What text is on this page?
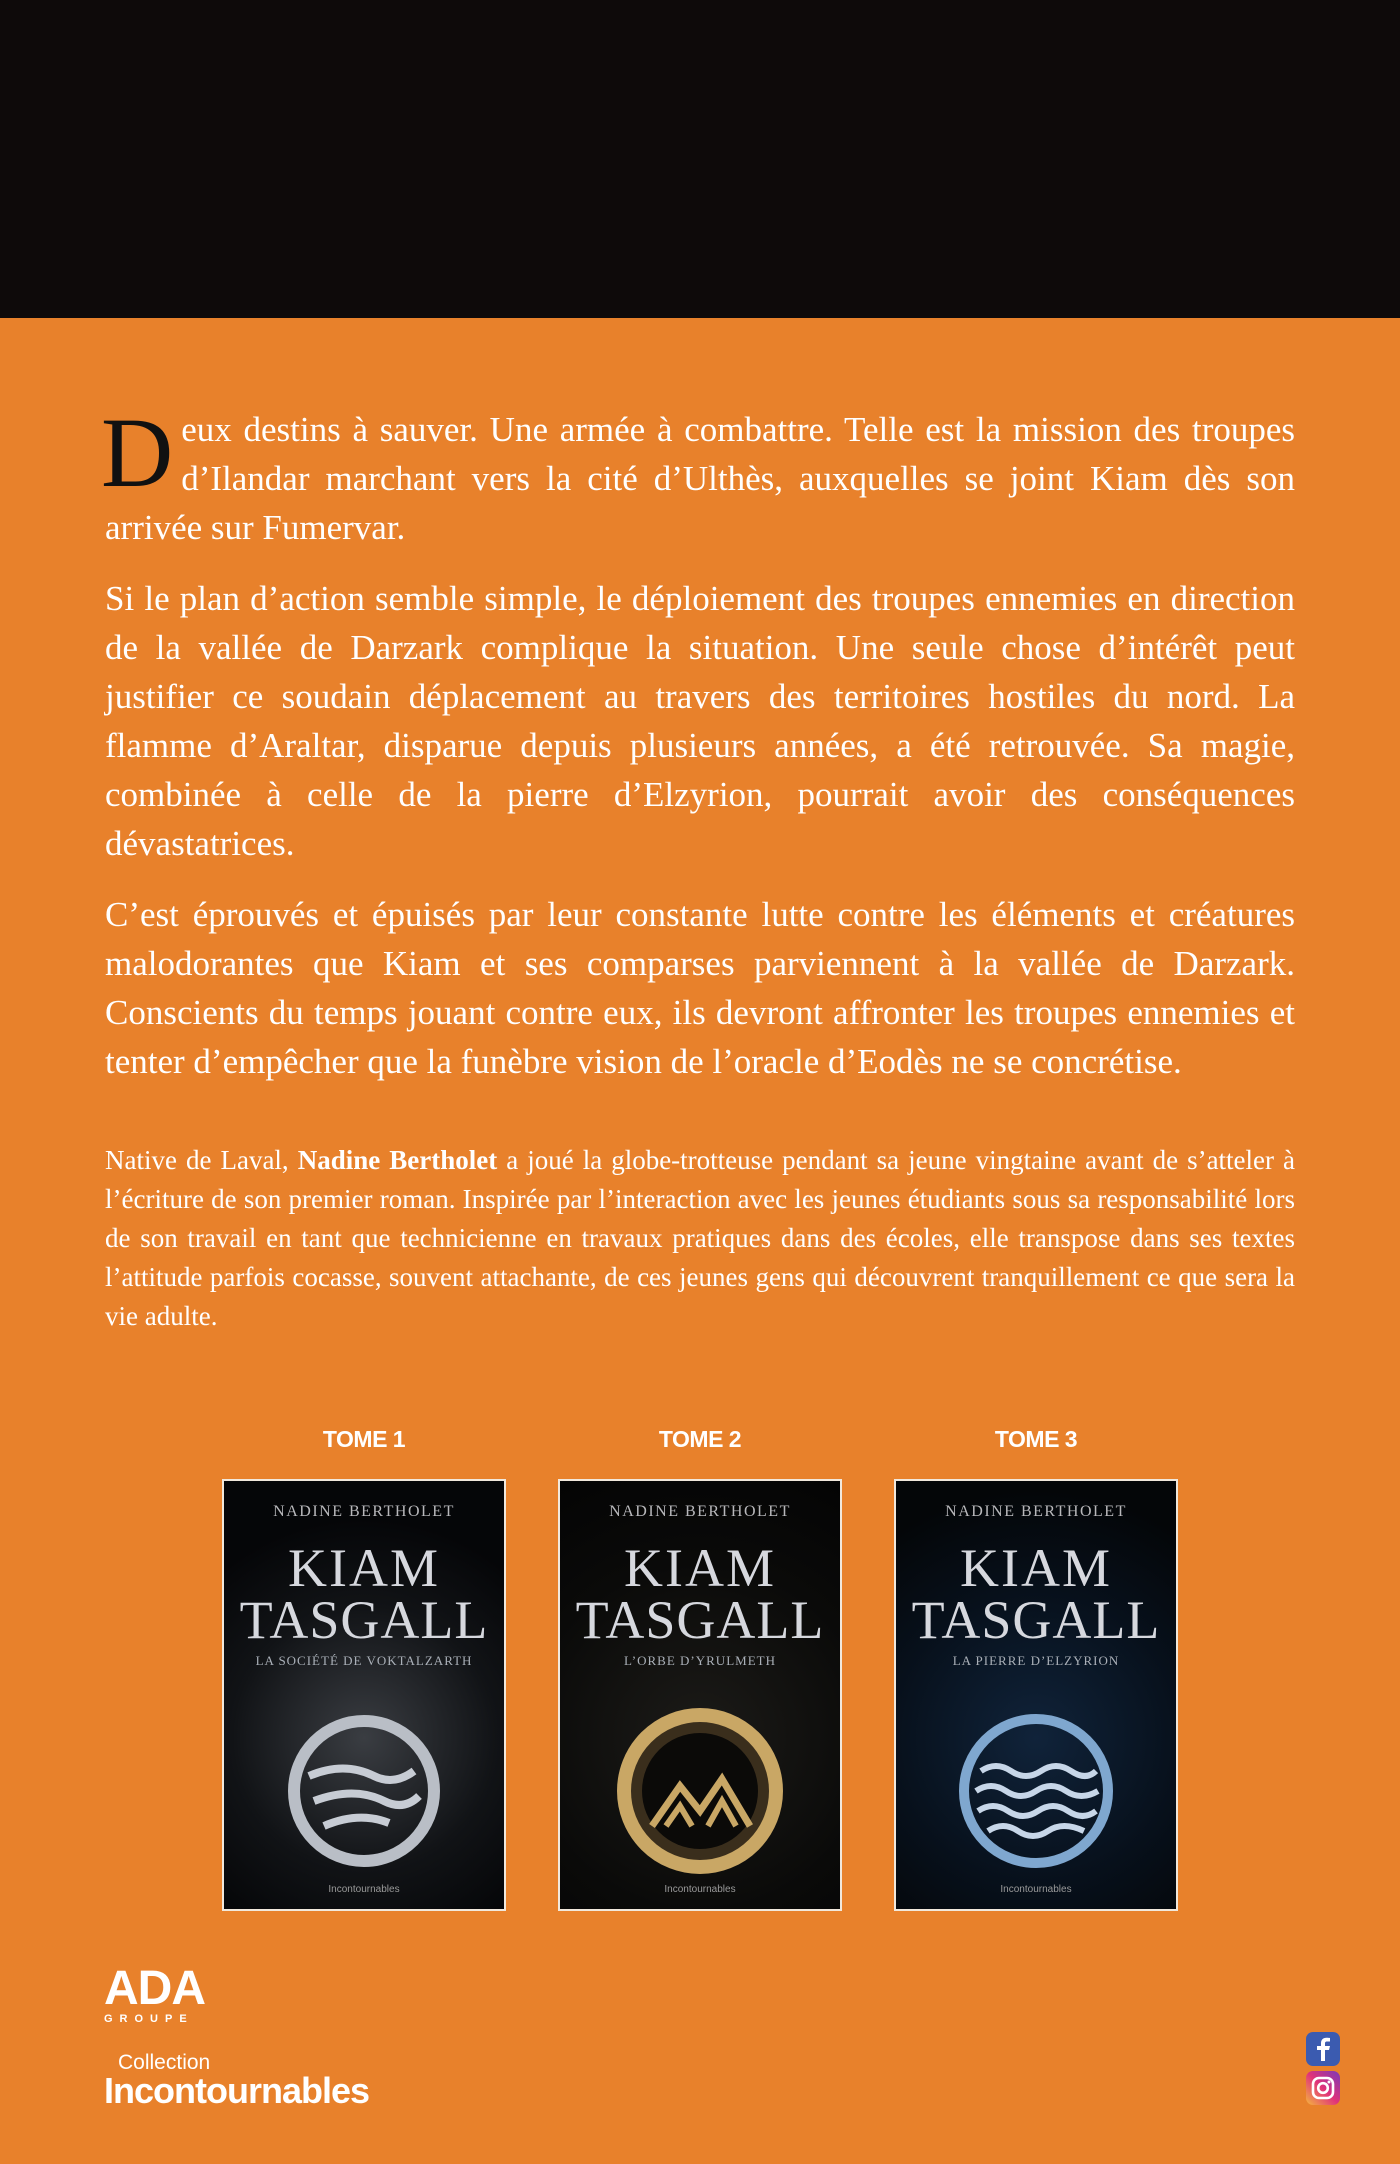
Deux destins à sauver. Une armée à combattre. Telle est la mission des troupes d’Ilandar marchant vers la cité d’Ulthès, auxquelles se joint Kiam dès son arrivée sur Fumervar.

Si le plan d’action semble simple, le déploiement des troupes ennemies en direction de la vallée de Darzark complique la situation. Une seule chose d’intérêt peut justifier ce soudain déplacement au travers des territoires hostiles du nord. La flamme d’Araltar, disparue depuis plusieurs années, a été retrouvée. Sa magie, combinée à celle de la pierre d’Elzyrion, pourrait avoir des conséquences dévastatrices.

C’est éprouvés et épuisés par leur constante lutte contre les éléments et créatures malodorantes que Kiam et ses comparses parviennent à la vallée de Darzark. Conscients du temps jouant contre eux, ils devront affronter les troupes ennemies et tenter d’empêcher que la funèbre vision de l’oracle d’Eodès ne se concrétise.

Native de Laval, Nadine Bertholet a joué la globe-trotteuse pendant sa jeune vingtaine avant de s’atteler à l’écriture de son premier roman. Inspirée par l’interaction avec les jeunes étudiants sous sa responsabilité lors de son travail en tant que technicienne en travaux pratiques dans des écoles, elle transpose dans ses textes l’attitude parfois cocasse, souvent attachante, de ces jeunes gens qui découvrent tranquillement ce que sera la vie adulte.
TOME 1
NADINE BERTHOLET
KIAM
TASGALL
LA SOCIÉTÉ DE VOKTALZARTH
Incontournables
TOME 2
NADINE BERTHOLET
KIAM
TASGALL
L’ORBE D’YRULMETH
Incontournables
TOME 3
NADINE BERTHOLET
KIAM
TASGALL
LA PIERRE D’ELZYRION
Incontournables
ADA
GROUPE
Collection
Incontournables
